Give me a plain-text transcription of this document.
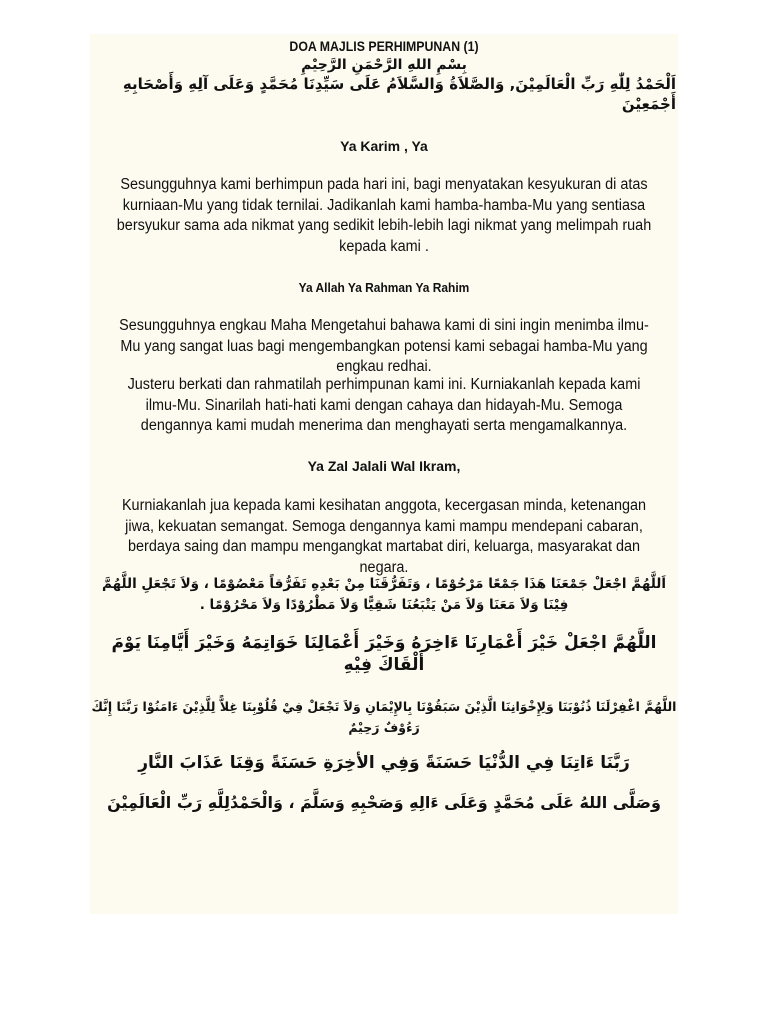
DOA MAJLIS PERHIMPUNAN (1)
بِسْمِ اللهِ الرَّحْمَنِ الرَّحِيْمِ
اَلْحَمْدُ لِلّٰهِ رَبِّ الْعَالَمِيْنَ, وَالصَّلاَةُ وَالسَّلاَمُ عَلَى سَيِّدِنَا مُحَمَّدٍ وَعَلَى آلِهِ وَأَصْحَابِهِ أَجْمَعِيْنَ
Ya Karim , Ya
Sesungguhnya kami berhimpun pada hari ini, bagi menyatakan kesyukuran di atas kurniaan-Mu yang tidak ternilai. Jadikanlah kami hamba-hamba-Mu yang sentiasa bersyukur sama ada nikmat yang sedikit lebih-lebih lagi nikmat yang melimpah ruah kepada kami .
Ya Allah Ya Rahman Ya Rahim
Sesungguhnya engkau Maha Mengetahui bahawa kami di sini ingin menimba ilmu-Mu yang sangat luas bagi mengembangkan potensi kami sebagai hamba-Mu yang engkau redhai.
Justeru berkati dan rahmatilah perhimpunan kami ini. Kurniakanlah kepada kami ilmu-Mu. Sinarilah hati-hati kami dengan cahaya dan hidayah-Mu. Semoga dengannya kami mudah menerima dan menghayati serta mengamalkannya.
Ya Zal Jalali Wal Ikram,
Kurniakanlah jua kepada kami kesihatan anggota, kecergasan minda, ketenangan jiwa, kekuatan semangat. Semoga dengannya kami mampu mendepani cabaran, berdaya saing dan mampu mengangkat martabat diri, keluarga, masyarakat dan negara.
اَللَّهُمَّ اجْعَلْ جَمْعَنَا هَذَا جَمْعًا مَرْحُوْمًا ، وَتَفَرُّقَنَا مِنْ بَعْدِهِ تَفَرُّقاً مَعْصُوْمًا ، وَلاَ تَجْعَلِ اللَّهُمَّ فِيْنَا وَلاَ مَعَنَا وَلاَ مَنْ يَتْبَعُنَا شَقِيًّا وَلاَ مَطْرُوْدًا وَلاَ مَحْرُوْمًا .
اللَّهُمَّ اجْعَلْ خَيْرَ أَعْمَارِنَا ءَاخِرَهُ وَخَيْرَ أَعْمَالِنَا خَوَاتِمَهُ وَخَيْرَ أَيَّامِنَا يَوْمَ أَلْقَاكَ فِيْهِ
اللَّهُمَّ اغْفِرْلَنَا ذُنُوْبَنَا وَلِإِخْوَانِنَا الَّذِيْنَ سَبَقُوْنَا بِالإِيْمَانِ وَلاَ تَجْعَلْ فِيْ قُلُوْبِنَا غِلاًّ لِلَّذِيْنَ ءَامَنُوْا رَبَّنَا إِنَّكَ رَءُوْفٌ رَحِيْمٌ
رَبَّنَا ءَاتِنَا فِي الدُّنْيَا حَسَنَةً وَفِي الأخِرَةِ حَسَنَةً وَقِنَا عَذَابَ النَّارِ
وَصَلَّى اللهُ عَلَى مُحَمَّدٍ وَعَلَى ءَالِهِ وَصَحْبِهِ وَسَلَّمَ ، وَالْحَمْدُلِلَّهِ رَبِّ الْعَالَمِيْنَ
